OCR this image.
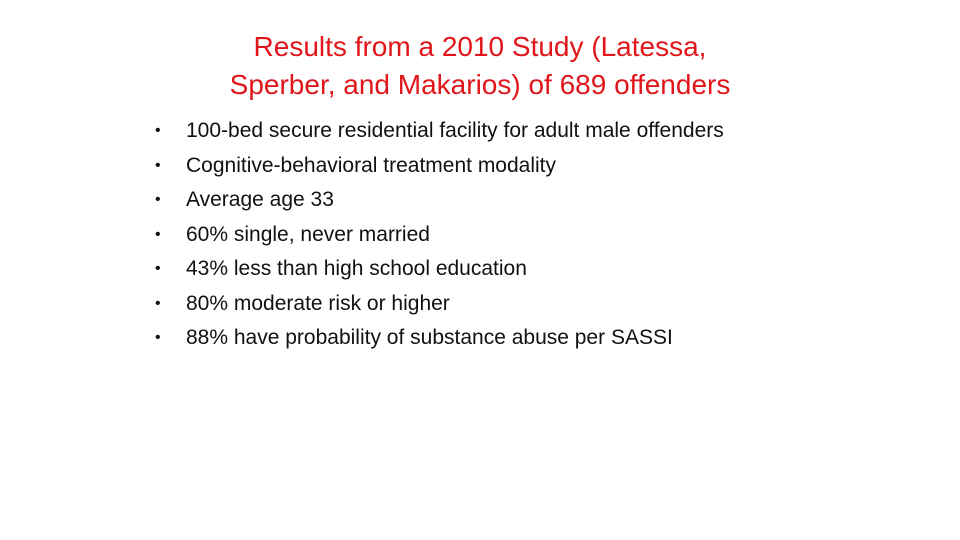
Results from a 2010 Study (Latessa,
Sperber, and Makarios) of 689 offenders
•	100-bed secure residential facility for adult male offenders
•	Cognitive-behavioral treatment modality
•	Average age 33
•	60% single, never married
•	43% less than high school education
•	80% moderate risk or higher
•	88% have probability of substance abuse per SASSI
